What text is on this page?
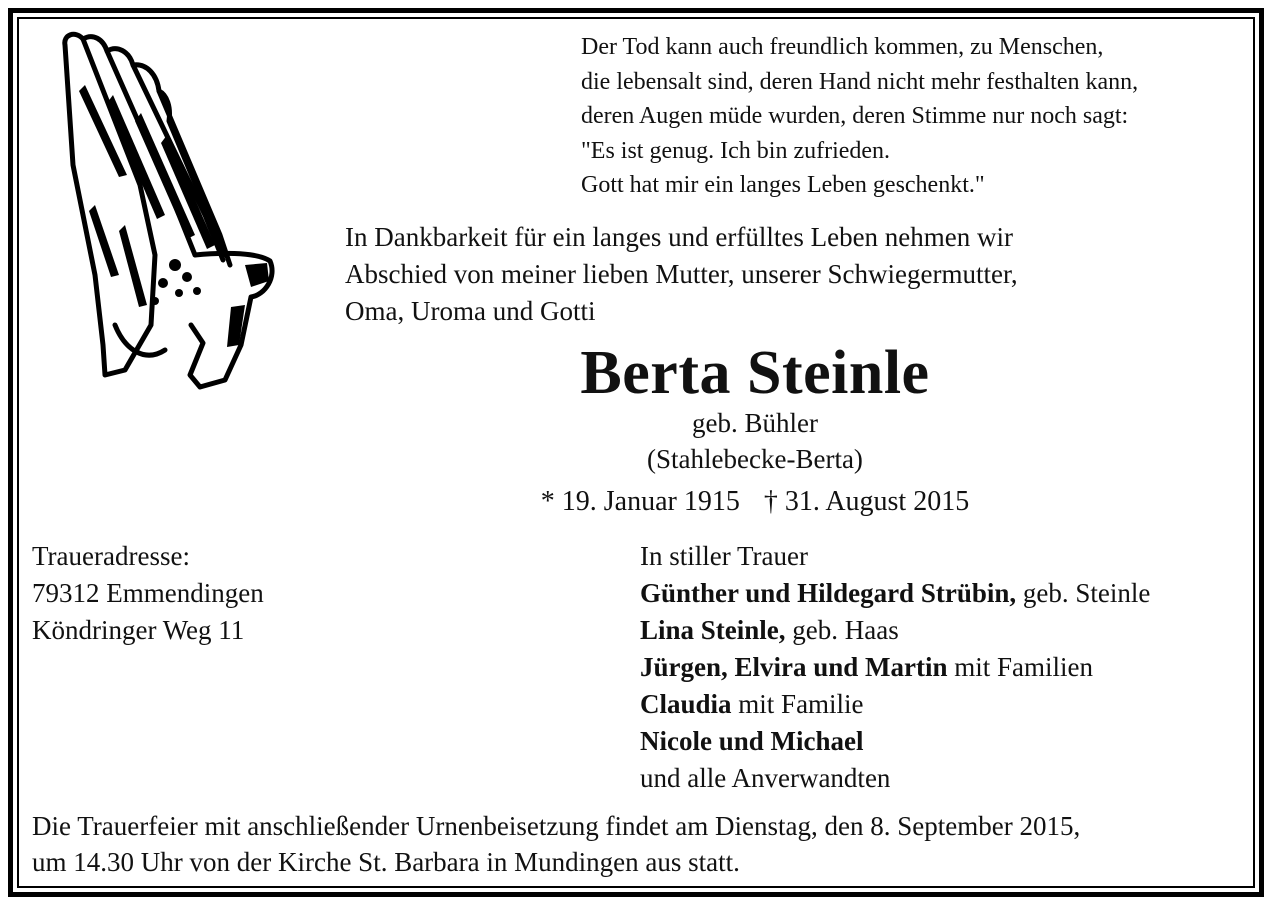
Der Tod kann auch freundlich kommen, zu Menschen,
die lebensalt sind, deren Hand nicht mehr festhalten kann,
deren Augen müde wurden, deren Stimme nur noch sagt:
"Es ist genug. Ich bin zufrieden.
Gott hat mir ein langes Leben geschenkt."
In Dankbarkeit für ein langes und erfülltes Leben nehmen wir
Abschied von meiner lieben Mutter, unserer Schwiegermutter,
Oma, Uroma und Gotti
Berta Steinle
geb. Bühler
(Stahlebecke-Berta)
* 19. Januar 1915 † 31. August 2015
Traueradresse:
79312 Emmendingen
Köndringer Weg 11
In stiller Trauer
Günther und Hildegard Strübin, geb. Steinle
Lina Steinle, geb. Haas
Jürgen, Elvira und Martin mit Familien
Claudia mit Familie
Nicole und Michael
und alle Anverwandten
Die Trauerfeier mit anschließender Urnenbeisetzung findet am Dienstag, den 8. September 2015,
um 14.30 Uhr von der Kirche St. Barbara in Mundingen aus statt.
